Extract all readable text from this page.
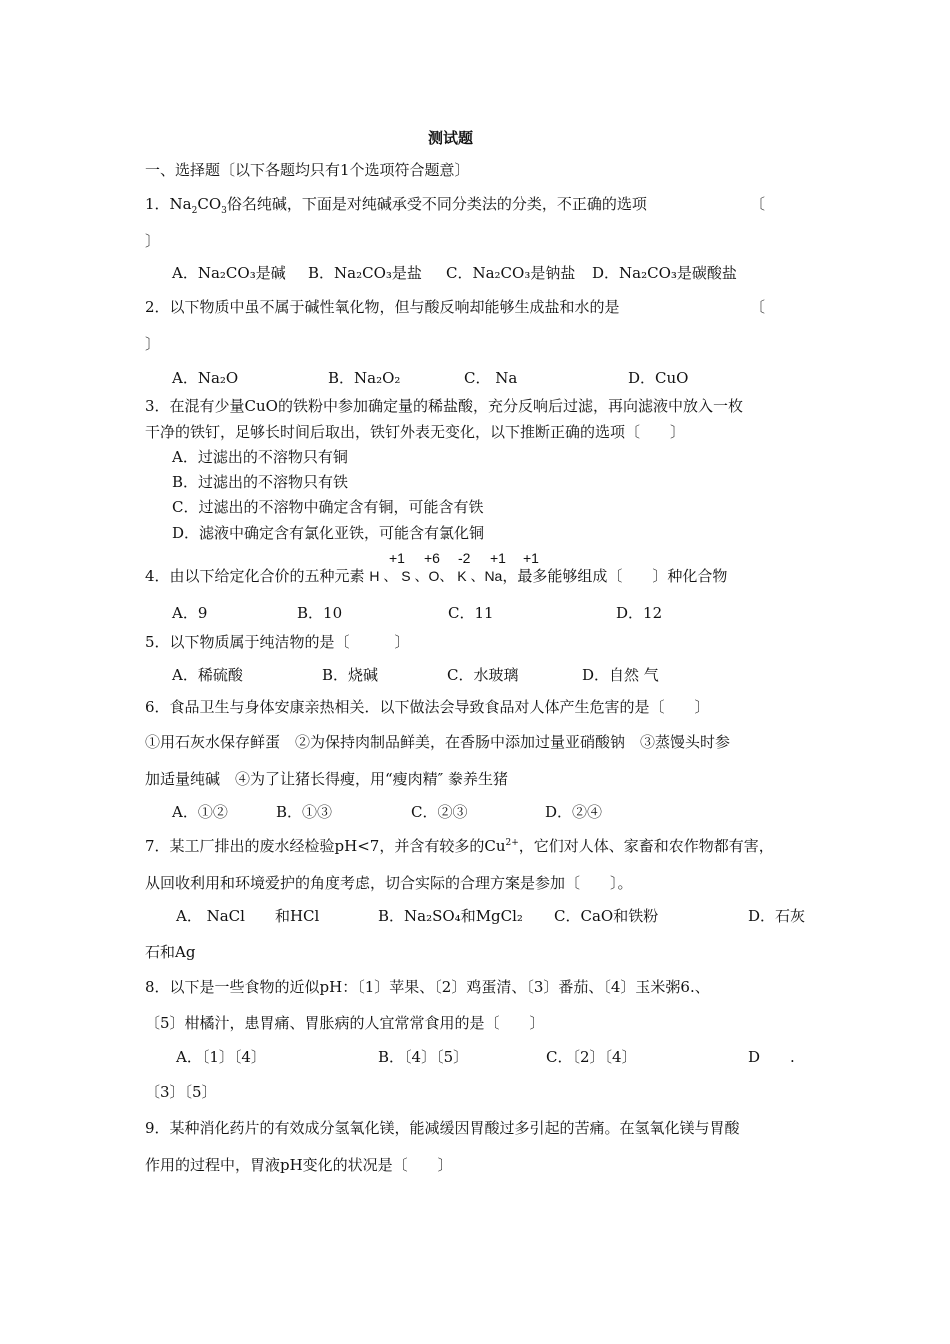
测试题
一、选择题〔以下各题均只有1个选项符合题意〕
1．$Na_2CO_3$俗名纯碱，下面是对纯碱承受不同分类法的分类，不正确的选项	〔
〕
A．Na₂CO₃是碱 B．Na₂CO₃是盐 C．Na₂CO₃是钠盐 D．Na₂CO₃是碳酸盐
2．以下物质中虽不属于碱性氧化物，但与酸反响却能够生成盐和水的是	〔
〕
A．Na₂O	B．Na₂O₂	C． Na	D．CuO
3．在混有少量CuO的铁粉中参加确定量的稀盐酸，充分反响后过滤，再向滤液中放入一枚
干净的铁钉，足够长时间后取出，铁钉外表无变化，以下推断正确的选项〔　　〕
A．过滤出的不溶物只有铜
B．过滤出的不溶物只有铁
C．过滤出的不溶物中确定含有铜，可能含有铁
D．滤液中确定含有氯化亚铁，可能含有氯化铜
+1 +6 -2 +1 +1
4．由以下给定化合价的五种元素 H 、 S 、O、 K 、Na，最多能够组成〔　　〕种化合物
A．9	B．10	C．11	D．12
5．以下物质属于纯洁物的是〔　　　〕
A．稀硫酸	B．烧碱	C．水玻璃	D．自然 气
6．食品卫生与身体安康亲热相关．以下做法会导致食品对人体产生危害的是〔　　〕
①用石灰水保存鲜蛋　②为保持肉制品鲜美，在香肠中添加过量亚硝酸钠　③蒸馒头时参
加适量纯碱　④为了让猪长得瘦，用“瘦肉精″ 豢养生猪
A．①②	B．①③	C．②③	D．②④
7．某工厂排出的废水经检验pH<7，并含有较多的$Cu^{2+}$，它们对人体、家畜和农作物都有害，
从回收利用和环境爱护的角度考虑，切合实际的合理方案是参加〔　　〕。
A． NaCl　　和HCl	B．Na₂SO₄和MgCl₂ C．CaO和铁粉	D．石灰
石和Ag
8．以下是一些食物的近似pH：〔1〕苹果、〔2〕鸡蛋清、〔3〕番茄、〔4〕玉米粥6.、
〔5〕柑橘汁，患胃痛、胃胀病的人宜常常食用的是〔　　〕
A．〔1〕〔4〕	B．〔4〕〔5〕	C．〔2〕〔4〕	D　　.
〔3〕〔5〕
9．某种消化药片的有效成分氢氧化镁，能减缓因胃酸过多引起的苦痛。在氢氧化镁与胃酸
作用的过程中，胃液pH变化的状况是〔　　〕
